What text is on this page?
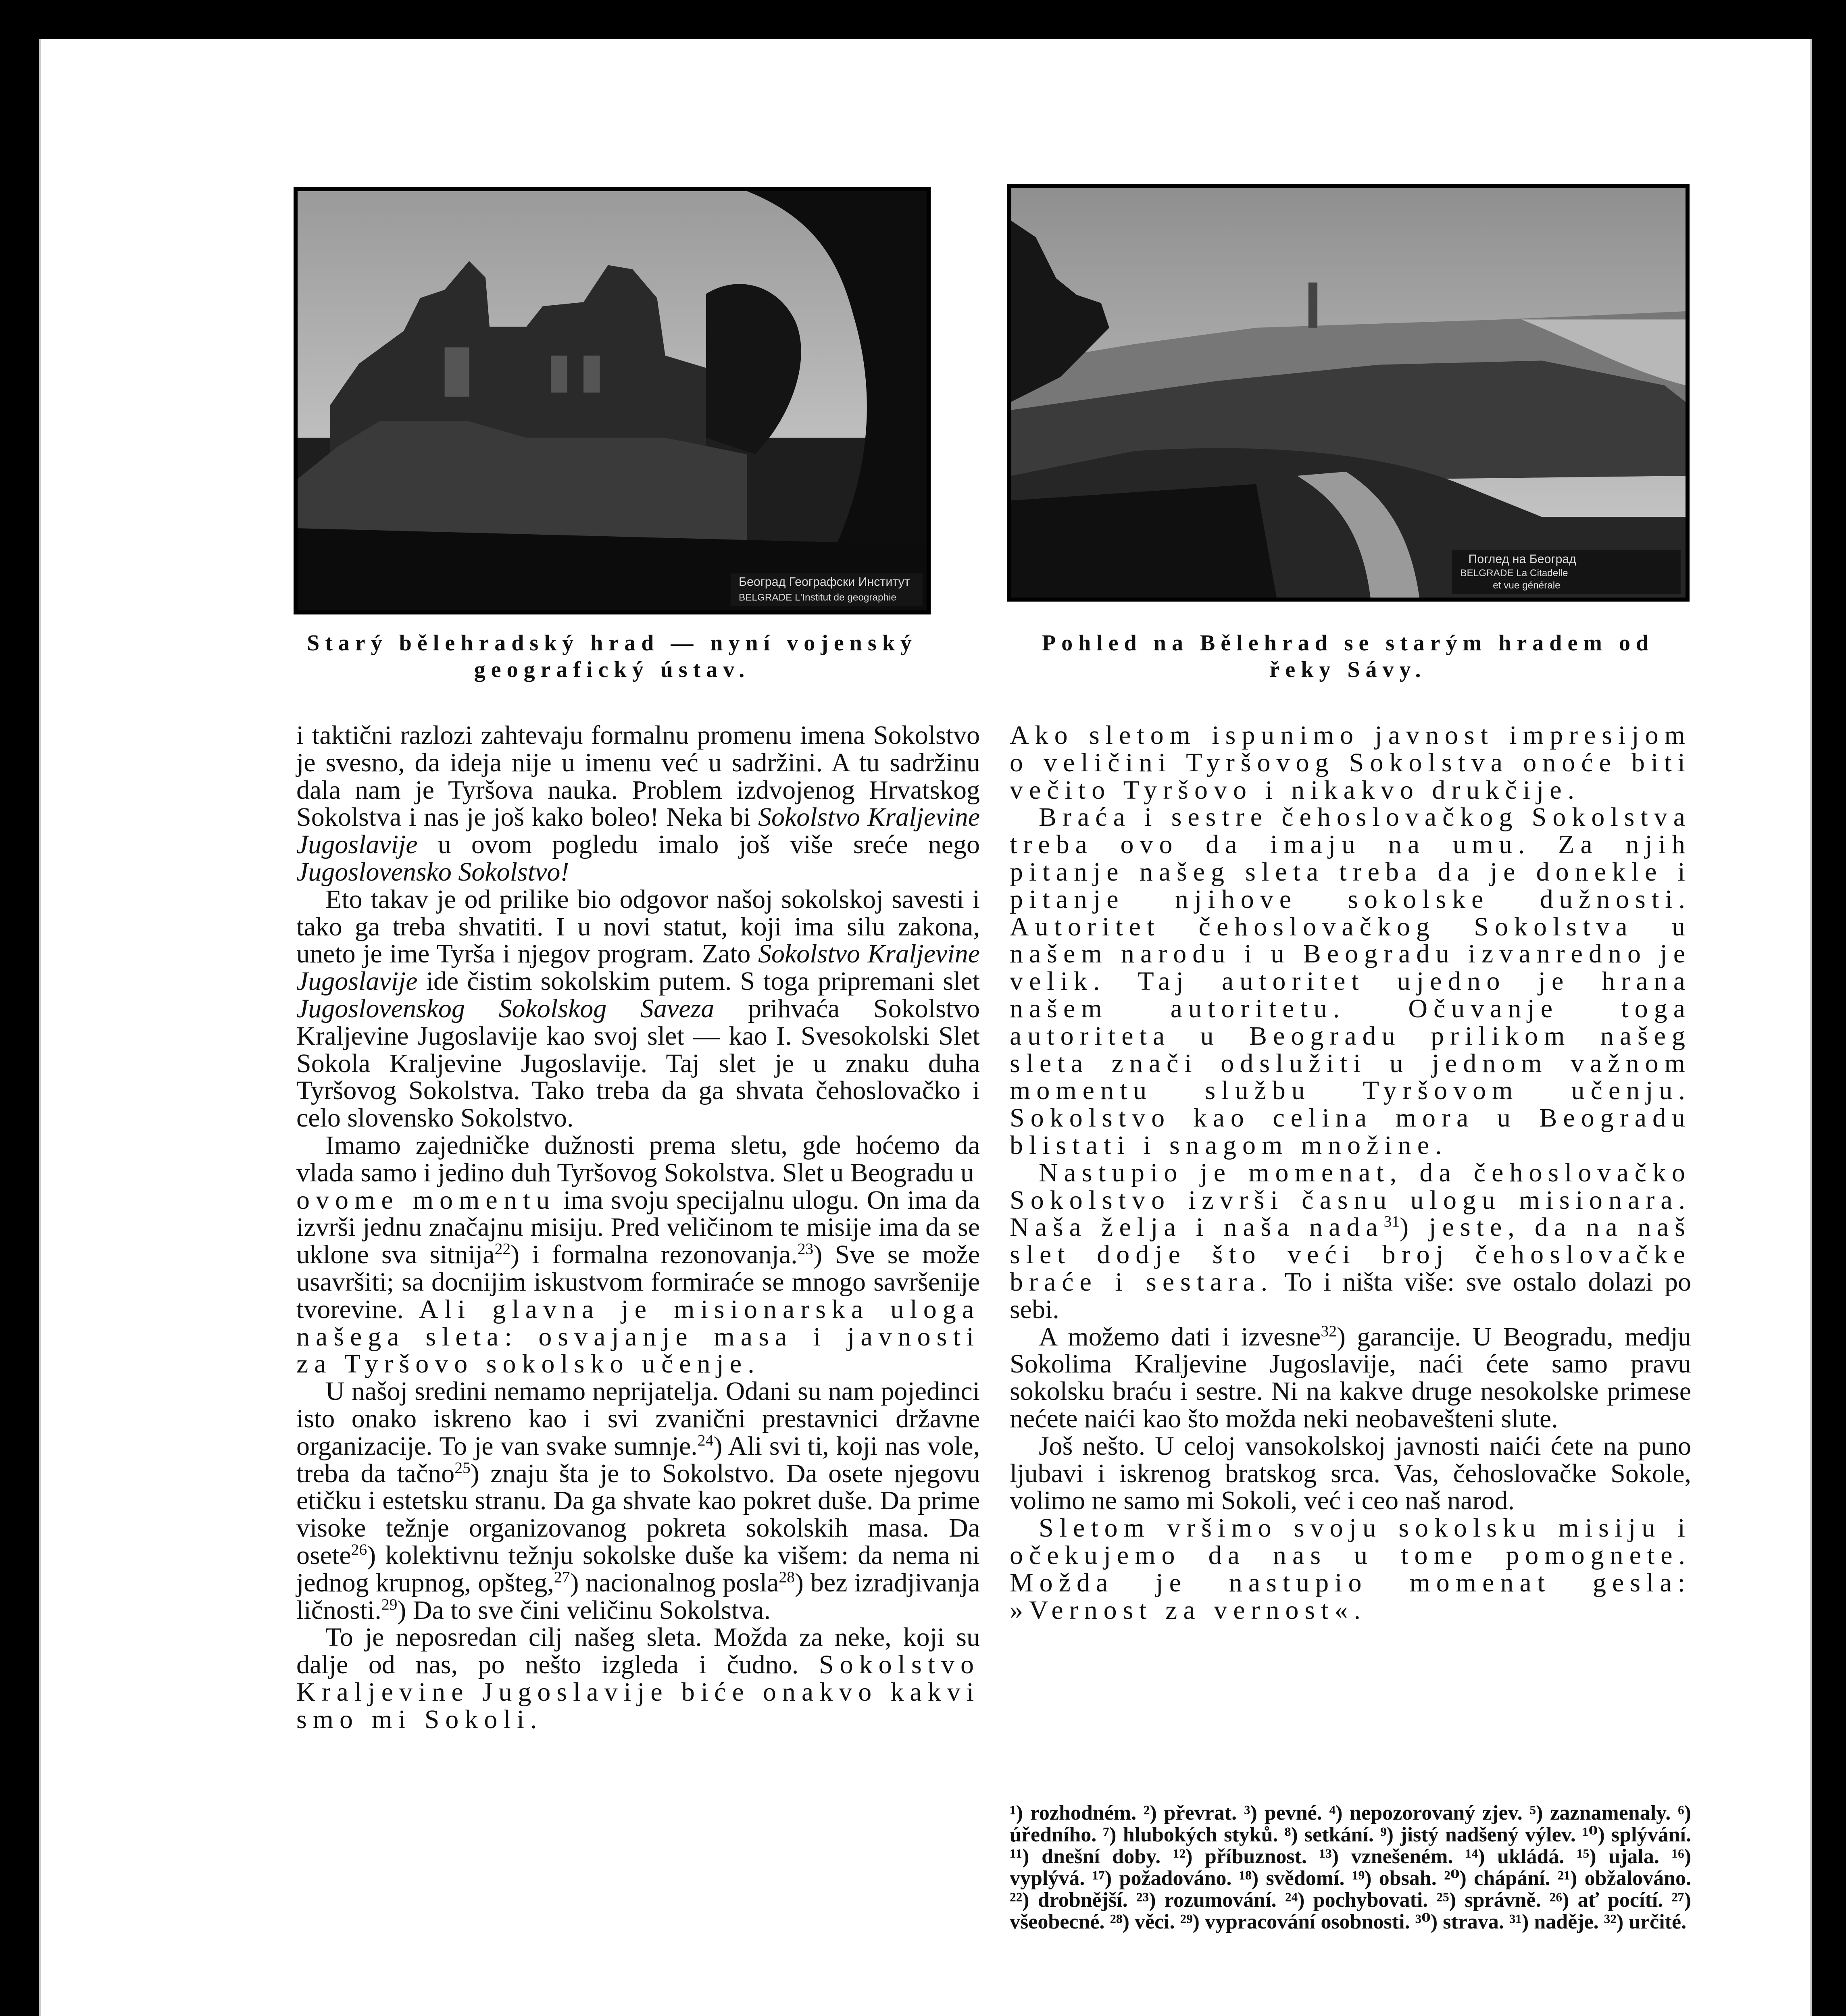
Београд Географски Институт
BELGRADE L'Institut de geographie
Starý bělehradský hrad — nyní vojenský geografický ústav.
Поглед на Београд
BELGRADE La Citadelle
et vue générale
Pohled na Bělehrad se starým hradem od řeky Sávy.

i taktični razlozi zahtevaju formalnu promenu imena Sokolstvo je svesno, da ideja nije u imenu već u sadržini. A tu sadržinu dala nam je Tyršova nauka. Problem izdvojenog Hrvatskog Sokolstva i nas je još kako boleo! Neka bi Sokolstvo Kraljevine Jugoslavije u ovom pogledu imalo još više sreće nego Jugoslovensko Sokolstvo!

Eto takav je od prilike bio odgovor našoj sokolskoj savesti i tako ga treba shvatiti. I u novi statut, koji ima silu zakona, uneto je ime Tyrša i njegov program. Zato Sokolstvo Kraljevine Jugoslavije ide čistim sokolskim putem. S toga pripremani slet Jugoslovenskog Sokolskog Saveza prihvaća Sokolstvo Kraljevine Jugoslavije kao svoj slet — kao I. Svesokolski Slet Sokola Kraljevine Jugoslavije. Taj slet je u znaku duha Tyršovog Sokolstva. Tako treba da ga shvata čehoslovačko i celo slovensko Sokolstvo.

Imamo zajedničke dužnosti prema sletu, gde hoćemo da vlada samo i jedino duh Tyršovog Sokolstva. Slet u Beogradu u ovome momentu ima svoju specijalnu ulogu. On ima da izvrši jednu značajnu misiju. Pred veličinom te misije ima da se uklone sva sitnija$^{22}$) i formalna rezonovanja.$^{23}$) Sve se može usavršiti; sa docnijim iskustvom formiraće se mnogo savršenije tvorevine. Ali glavna je misionarska uloga našega sleta: osvajanje masa i javnosti za Tyršovo sokolsko učenje.

U našoj sredini nemamo neprijatelja. Odani su nam pojedinci isto onako iskreno kao i svi zvanični prestavnici državne organizacije. To je van svake sumnje.$^{24}$) Ali svi ti, koji nas vole, treba da tačno$^{25}$) znaju šta je to Sokolstvo. Da osete njegovu etičku i estetsku stranu. Da ga shvate kao pokret duše. Da prime visoke težnje organizovanog pokreta sokolskih masa. Da osete$^{26}$) kolektivnu težnju sokolske duše ka višem: da nema ni jednog krupnog, opšteg,$^{27}$) nacionalnog posla$^{28}$) bez izradjivanja ličnosti.$^{29}$) Da to sve čini veličinu Sokolstva.

To je neposredan cilj našeg sleta. Možda za neke, koji su dalje od nas, po nešto izgleda i čudno. Sokolstvo Kraljevine Jugoslavije biće onakvo kakvi smo mi Sokoli.

Ako sletom ispunimo javnost impresijom o veličini Tyršovog Sokolstva onoće biti večito Tyršovo i nikakvo drukčije.

Braća i sestre čehoslovačkog Sokolstva treba ovo da imaju na umu. Za njih pitanje našeg sleta treba da je donekle i pitanje njihove sokolske dužnosti. Autoritet čehoslovačkog Sokolstva u našem narodu i u Beogradu izvanredno je velik. Taj autoritet ujedno je hrana našem autoritetu. Očuvanje toga autoriteta u Beogradu prilikom našeg sleta znači odslužiti u jednom važnom momentu službu Tyršovom učenju. Sokolstvo kao celina mora u Beogradu blistati i snagom množine.

Nastupio je momenat, da čehoslovačko Sokolstvo izvrši časnu ulogu misionara. Naša želja i naša nada$^{31}$) jeste, da na naš slet dodje što veći broj čehoslovačke braće i sestara. To i ništa više: sve ostalo dolazi po sebi.

A možemo dati i izvesne$^{32}$) garancije. U Beogradu, medju Sokolima Kraljevine Jugoslavije, naći ćete samo pravu sokolsku braću i sestre. Ni na kakve druge nesokolske primese nećete naići kao što možda neki neobavešteni slute.

Još nešto. U celoj vansokolskoj javnosti naići ćete na puno ljubavi i iskrenog bratskog srca. Vas, čehoslovačke Sokole, volimo ne samo mi Sokoli, već i ceo naš narod.

Sletom vršimo svoju sokolsku misiju i očekujemo da nas u tome pomognete. Možda je nastupio momenat gesla: »Vernost za vernost«.

¹) rozhodném. ²) převrat. ³) pevné. ⁴) nepozorovaný zjev. ⁵) zaznamenaly. ⁶) úředního. ⁷) hlubokých styků. ⁸) setkání. ⁹) jistý nadšený výlev. ¹⁰) splývání. ¹¹) dnešní doby. ¹²) příbuznost. ¹³) vznešeném. ¹⁴) ukládá. ¹⁵) ujala. ¹⁶) vyplývá. ¹⁷) požadováno. ¹⁸) svědomí. ¹⁹) obsah. ²⁰) chápání. ²¹) obžalováno. ²²) drobnější. ²³) rozumování. ²⁴) pochybovati. ²⁵) správně. ²⁶) ať pocítí. ²⁷) všeobecné. ²⁸) věci. ²⁹) vypracování osobnosti. ³⁰) strava. ³¹) naděje. ³²) určité.
